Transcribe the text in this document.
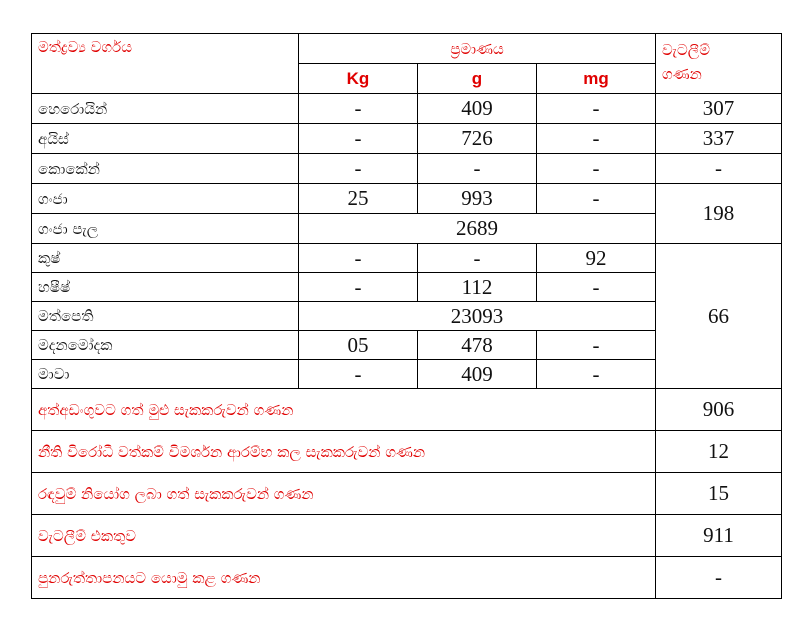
මත්ද්‍රව්‍ය වර්ගය	ප්‍රමාණය			වැටලීම්
ගණන
	Kg	g	mg	
හෙරොයින්	-	409	-	307
අයිස්	-	726	-	337
කොකේන්	-	-	-	-
ගංජා	25	993	-	198
ගංජා පැල	2689			
කුෂ්	-	-	92	66
හෂීෂ්	-	112	-	
මත්පෙති	23093			
මදනමෝදක	05	478	-	
මාවා	-	409	-	
අත්අඩංගුවට ගත් මුළු සැකකරුවන් ගණන				906
නීති විරෝධී වත්කම් විමර්ශන ආරම්භ කල සැකකරුවන් ගණන				12
රඳවුම් නියෝග ලබා ගත් සැකකරුවන් ගණන				15
වැටලීම් එකතුව				911
පුනරුත්තාපනයට යොමු කළ ගණන				-
